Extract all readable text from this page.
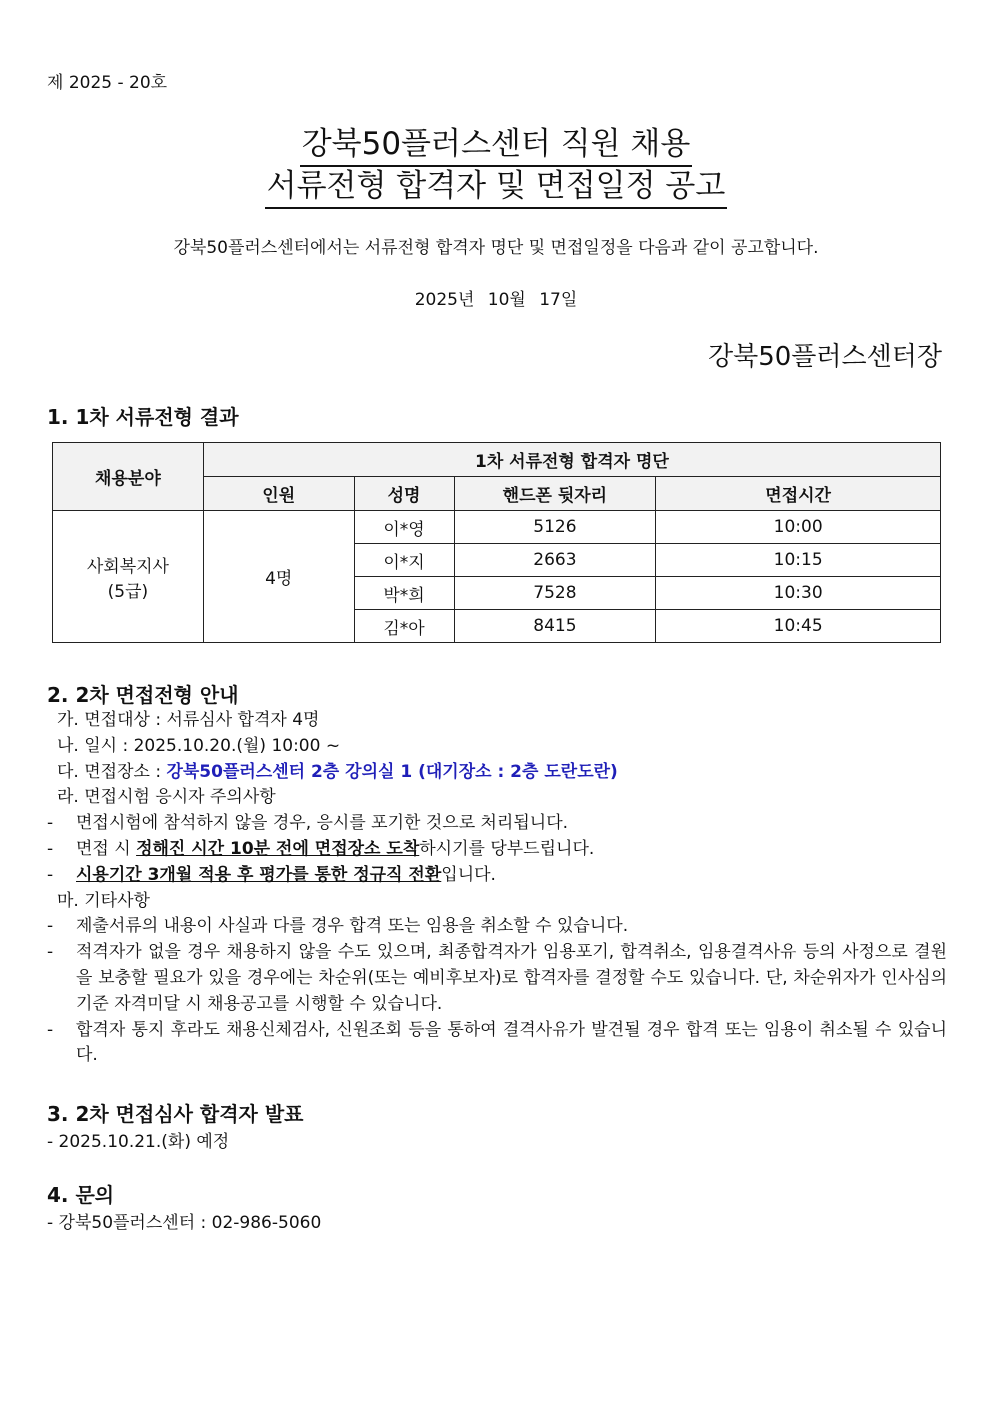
제 2025 - 20호
강북50플러스센터 직원 채용
서류전형 합격자 및 면접일정 공고
강북50플러스센터에서는 서류전형 합격자 명단 및 면접일정을 다음과 같이 공고합니다.
2025년 10월 17일
강북50플러스센터장
1. 1차 서류전형 결과
채용분야	1차 서류전형 합격자 명단			
	인원	성명	핸드폰 뒷자리	면접시간

사회복지사
(5급)	4명	이*영	5126	10:00
		이*지	2663	10:15
		박*희	7528	10:30
		김*아	8415	10:45
2. 2차 면접전형 안내
가. 면접대상 : 서류심사 합격자 4명
나. 일시 : 2025.10.20.(월) 10:00 ~
다. 면접장소 : 강북50플러스센터 2층 강의실 1 (대기장소 : 2층 도란도란)
라. 면접시험 응시자 주의사항
-	면접시험에 참석하지 않을 경우, 응시를 포기한 것으로 처리됩니다.
-	면접 시 정해진 시간 10분 전에 면접장소 도착하시기를 당부드립니다.
-	시용기간 3개월 적용 후 평가를 통한 정규직 전환입니다.
마. 기타사항
-	제출서류의 내용이 사실과 다를 경우 합격 또는 임용을 취소할 수 있습니다.
-	적격자가 없을 경우 채용하지 않을 수도 있으며, 최종합격자가 임용포기, 합격취소, 임용결격사유 등의 사정으로 결원을 보충할 필요가 있을 경우에는 차순위(또는 예비후보자)로 합격자를 결정할 수도 있습니다. 단, 차순위자가 인사심의 기준 자격미달 시 채용공고를 시행할 수 있습니다.
-	합격자 통지 후라도 채용신체검사, 신원조회 등을 통하여 결격사유가 발견될 경우 합격 또는 임용이 취소될 수 있습니다.
3. 2차 면접심사 합격자 발표
- 2025.10.21.(화) 예정
4. 문의
- 강북50플러스센터 : 02-986-5060
